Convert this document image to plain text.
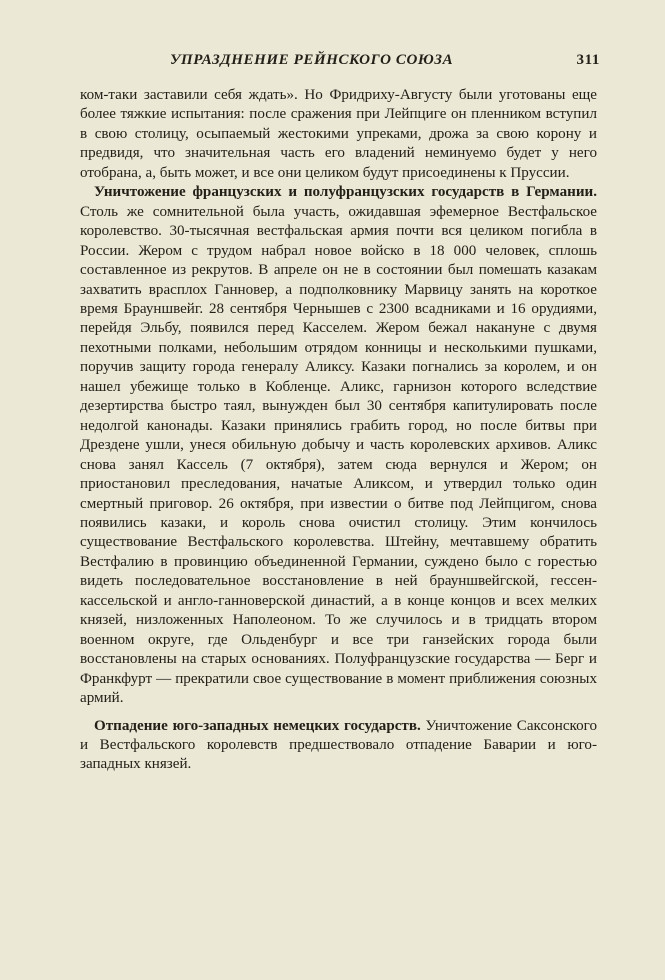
УПРАЗДНЕНИЕ РЕЙНСКОГО СОЮЗА	311

ком-таки заставили себя ждать». Но Фридриху-Августу были уготованы еще более тяжкие испытания: после сражения при Лейпциге он пленником вступил в свою столицу, осыпаемый жестокими упреками, дрожа за свою корону и предвидя, что значительная часть его владений неминуемо будет у него отобрана, а, быть может, и все они целиком будут присоединены к Пруссии.

Уничтожение французских и полуфранцузских государств в Германии. Столь же сомнительной была участь, ожидавшая эфемерное Вестфальское королевство. 30-тысячная вестфальская армия почти вся целиком погибла в России. Жером с трудом набрал новое войско в 18 000 человек, сплошь составленное из рекрутов. В апреле он не в состоянии был помешать казакам захватить врасплох Ганновер, а подполковнику Марвицу занять на короткое время Брауншвейг. 28 сентября Чернышев с 2300 всадниками и 16 орудиями, перейдя Эльбу, появился перед Касселем. Жером бежал накануне с двумя пехотными полками, небольшим отрядом конницы и несколькими пушками, поручив защиту города генералу Аликсу. Казаки погнались за королем, и он нашел убежище только в Кобленце. Аликс, гарнизон которого вследствие дезертирства быстро таял, вынужден был 30 сентября капитулировать после недолгой канонады. Казаки принялись грабить город, но после битвы при Дрездене ушли, унеся обильную добычу и часть королевских архивов. Аликс снова занял Кассель (7 октября), затем сюда вернулся и Жером; он приостановил преследования, начатые Аликсом, и утвердил только один смертный приговор. 26 октября, при известии о битве под Лейпцигом, снова появились казаки, и король снова очистил столицу. Этим кончилось существование Вестфальского королевства. Штейну, мечтавшему обратить Вестфалию в провинцию объединенной Германии, суждено было с горестью видеть последовательное восстановление в ней брауншвейгской, гессен-кассельской и англо-ганноверской династий, а в конце концов и всех мелких князей, низложенных Наполеоном. То же случилось и в тридцать втором военном округе, где Ольденбург и все три ганзейских города были восстановлены на старых основаниях. Полуфранцузские государства — Берг и Франкфурт — прекратили свое существование в момент приближения союзных армий.

Отпадение юго-западных немецких государств. Уничтожение Саксонского и Вестфальского королевств предшествовало отпадение Баварии и юго-западных князей.
